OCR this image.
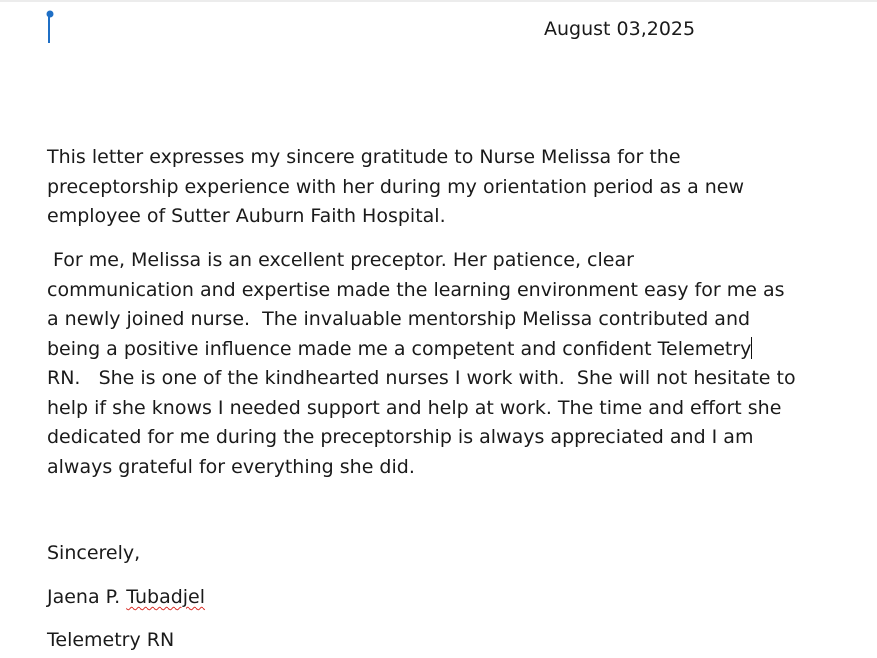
August 03,2025
This letter expresses my sincere gratitude to Nurse Melissa for the
preceptorship experience with her during my orientation period as a new
employee of Sutter Auburn Faith Hospital.
For me, Melissa is an excellent preceptor. Her patience, clear
communication and expertise made the learning environment easy for me as
a newly joined nurse.  The invaluable mentorship Melissa contributed and
being a positive influence made me a competent and confident Telemetry
RN.   She is one of the kindhearted nurses I work with.  She will not hesitate to
help if she knows I needed support and help at work. The time and effort she
dedicated for me during the preceptorship is always appreciated and I am
always grateful for everything she did.
Sincerely,
Jaena P. Tubadjel
Telemetry RN
